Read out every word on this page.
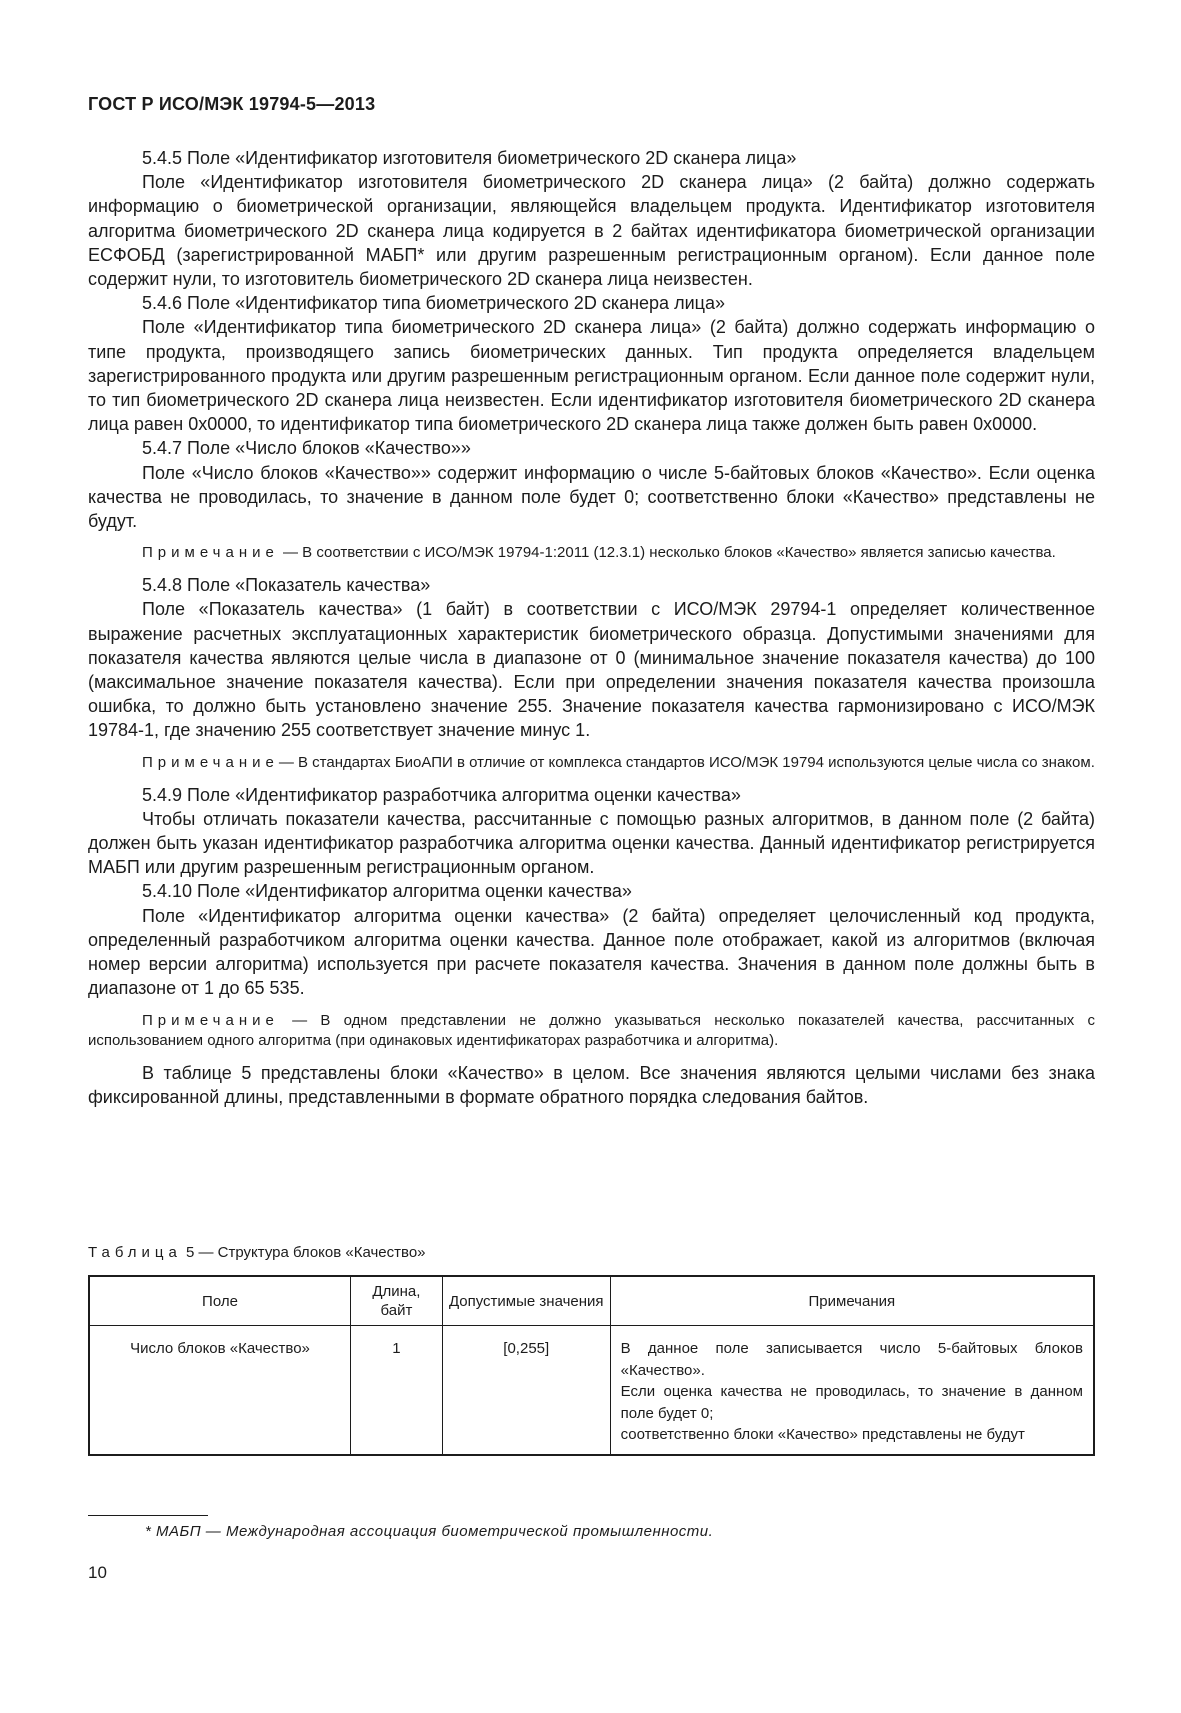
ГОСТ Р ИСО/МЭК 19794-5—2013

5.4.5 Поле «Идентификатор изготовителя биометрического 2D сканера лица»

Поле «Идентификатор изготовителя биометрического 2D сканера лица» (2 байта) должно содержать информацию о биометрической организации, являющейся владельцем продукта. Идентификатор изготовителя алгоритма биометрического 2D сканера лица кодируется в 2 байтах идентификатора биометрической организации ЕСФОБД (зарегистрированной МАБП* или другим разрешенным регистрационным органом). Если данное поле содержит нули, то изготовитель биометрического 2D сканера лица неизвестен.

5.4.6 Поле «Идентификатор типа биометрического 2D сканера лица»

Поле «Идентификатор типа биометрического 2D сканера лица» (2 байта) должно содержать информацию о типе продукта, производящего запись биометрических данных. Тип продукта определяется владельцем зарегистрированного продукта или другим разрешенным регистрационным органом. Если данное поле содержит нули, то тип биометрического 2D сканера лица неизвестен. Если идентификатор изготовителя биометрического 2D сканера лица равен 0x0000, то идентификатор типа биометрического 2D сканера лица также должен быть равен 0x0000.

5.4.7 Поле «Число блоков «Качество»»

Поле «Число блоков «Качество»» содержит информацию о числе 5-байтовых блоков «Качество». Если оценка качества не проводилась, то значение в данном поле будет 0; соответственно блоки «Качество» представлены не будут.

Примечание — В соответствии с ИСО/МЭК 19794-1:2011 (12.3.1) несколько блоков «Качество» является записью качества.

5.4.8 Поле «Показатель качества»

Поле «Показатель качества» (1 байт) в соответствии с ИСО/МЭК 29794-1 определяет количественное выражение расчетных эксплуатационных характеристик биометрического образца. Допустимыми значениями для показателя качества являются целые числа в диапазоне от 0 (минимальное значение показателя качества) до 100 (максимальное значение показателя качества). Если при определении значения показателя качества произошла ошибка, то должно быть установлено значение 255. Значение показателя качества гармонизировано с ИСО/МЭК 19784-1, где значению 255 соответствует значение минус 1.

Примечание— В стандартах БиоАПИ в отличие от комплекса стандартов ИСО/МЭК 19794 используются целые числа со знаком.

5.4.9 Поле «Идентификатор разработчика алгоритма оценки качества»

Чтобы отличать показатели качества, рассчитанные с помощью разных алгоритмов, в данном поле (2 байта) должен быть указан идентификатор разработчика алгоритма оценки качества. Данный идентификатор регистрируется МАБП или другим разрешенным регистрационным органом.

5.4.10 Поле «Идентификатор алгоритма оценки качества»

Поле «Идентификатор алгоритма оценки качества» (2 байта) определяет целочисленный код продукта, определенный разработчиком алгоритма оценки качества. Данное поле отображает, какой из алгоритмов (включая номер версии алгоритма) используется при расчете показателя качества. Значения в данном поле должны быть в диапазоне от 1 до 65 535.

Примечание — В одном представлении не должно указываться несколько показателей качества, рассчитанных с использованием одного алгоритма (при одинаковых идентификаторах разработчика и алгоритма).

В таблице 5 представлены блоки «Качество» в целом. Все значения являются целыми числами без знака фиксированной длины, представленными в формате обратного порядка следования байтов.

Таблица 5 — Структура блоков «Качество»
Поле	Длина, байт	Допустимые значения	Примечания
Число блоков «Качество»	1	[0,255]	В данное поле записывается число 5-байтовых блоков «Качество».
Если оценка качества не проводилась, то значение в данном поле будет 0;
соответственно блоки «Качество» представлены не будут
* МАБП — Международная ассоциация биометрической промышленности.
10
